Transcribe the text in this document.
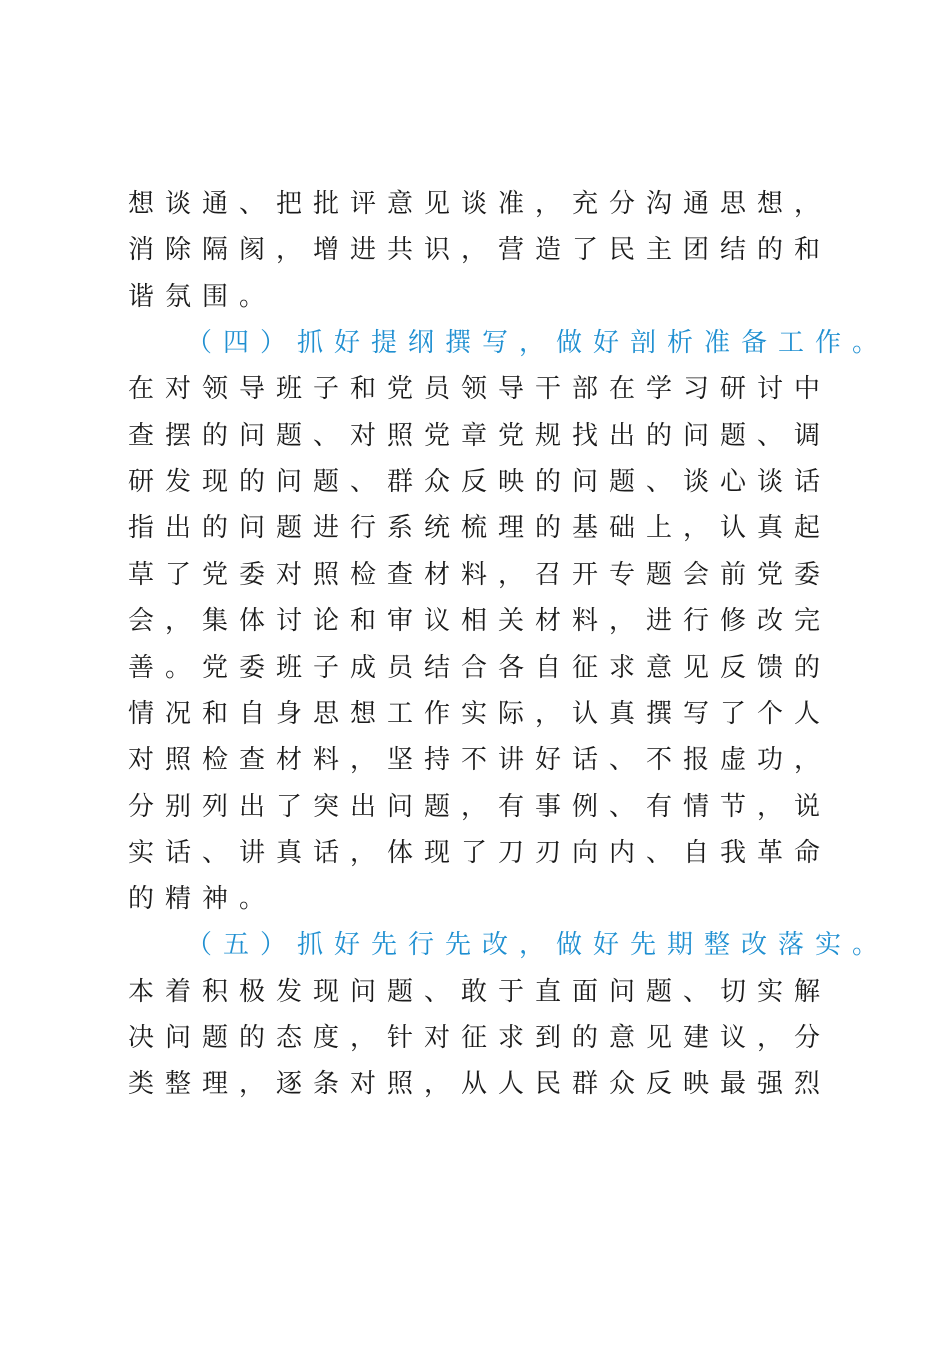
想谈通、把批评意见谈准，充分沟通思想，
消除隔阂，增进共识，营造了民主团结的和
谐氛围。
（四）抓好提纲撰写，做好剖析准备工作。
在对领导班子和党员领导干部在学习研讨中
查摆的问题、对照党章党规找出的问题、调
研发现的问题、群众反映的问题、谈心谈话
指出的问题进行系统梳理的基础上，认真起
草了党委对照检查材料，召开专题会前党委
会，集体讨论和审议相关材料，进行修改完
善。党委班子成员结合各自征求意见反馈的
情况和自身思想工作实际，认真撰写了个人
对照检查材料，坚持不讲好话、不报虚功，
分别列出了突出问题，有事例、有情节，说
实话、讲真话，体现了刀刃向内、自我革命
的精神。
（五）抓好先行先改，做好先期整改落实。
本着积极发现问题、敢于直面问题、切实解
决问题的态度，针对征求到的意见建议，分
类整理，逐条对照，从人民群众反映最强烈
